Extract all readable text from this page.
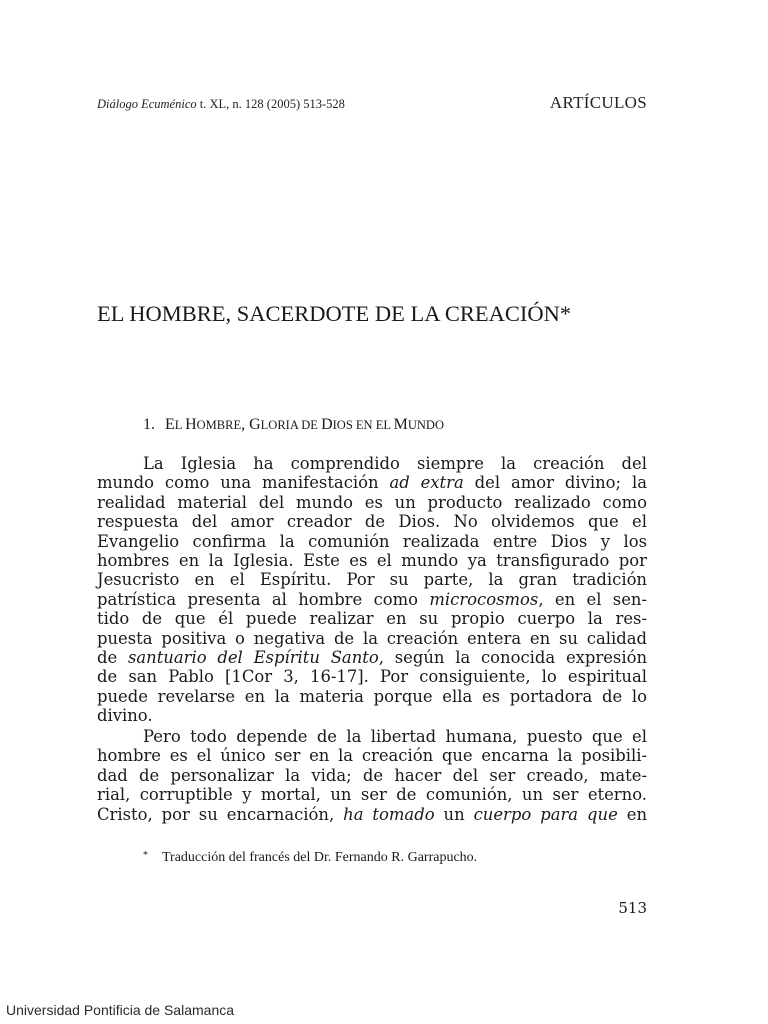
Diálogo Ecuménico t. XL, n. 128 (2005) 513-528	ARTÍCULOS
EL HOMBRE, SACERDOTE DE LA CREACIÓN*
1. EL HOMBRE, GLORIA DE DIOS EN EL MUNDO
La Iglesia ha comprendido siempre la creación del
mundo como una manifestación ad extra del amor divino; la
realidad material del mundo es un producto realizado como
respuesta del amor creador de Dios. No olvidemos que el
Evangelio confirma la comunión realizada entre Dios y los
hombres en la Iglesia. Este es el mundo ya transfigurado por
Jesucristo en el Espíritu. Por su parte, la gran tradición
patrística presenta al hombre como microcosmos, en el sen-
tido de que él puede realizar en su propio cuerpo la res-
puesta positiva o negativa de la creación entera en su calidad
de santuario del Espíritu Santo, según la conocida expresión
de san Pablo [1Cor 3, 16-17]. Por consiguiente, lo espiritual
puede revelarse en la materia porque ella es portadora de lo
divino.
Pero todo depende de la libertad humana, puesto que el
hombre es el único ser en la creación que encarna la posibili-
dad de personalizar la vida; de hacer del ser creado, mate-
rial, corruptible y mortal, un ser de comunión, un ser eterno.
Cristo, por su encarnación, ha tomado un cuerpo para que en
* Traducción del francés del Dr. Fernando R. Garrapucho.
513
Universidad Pontificia de Salamanca
